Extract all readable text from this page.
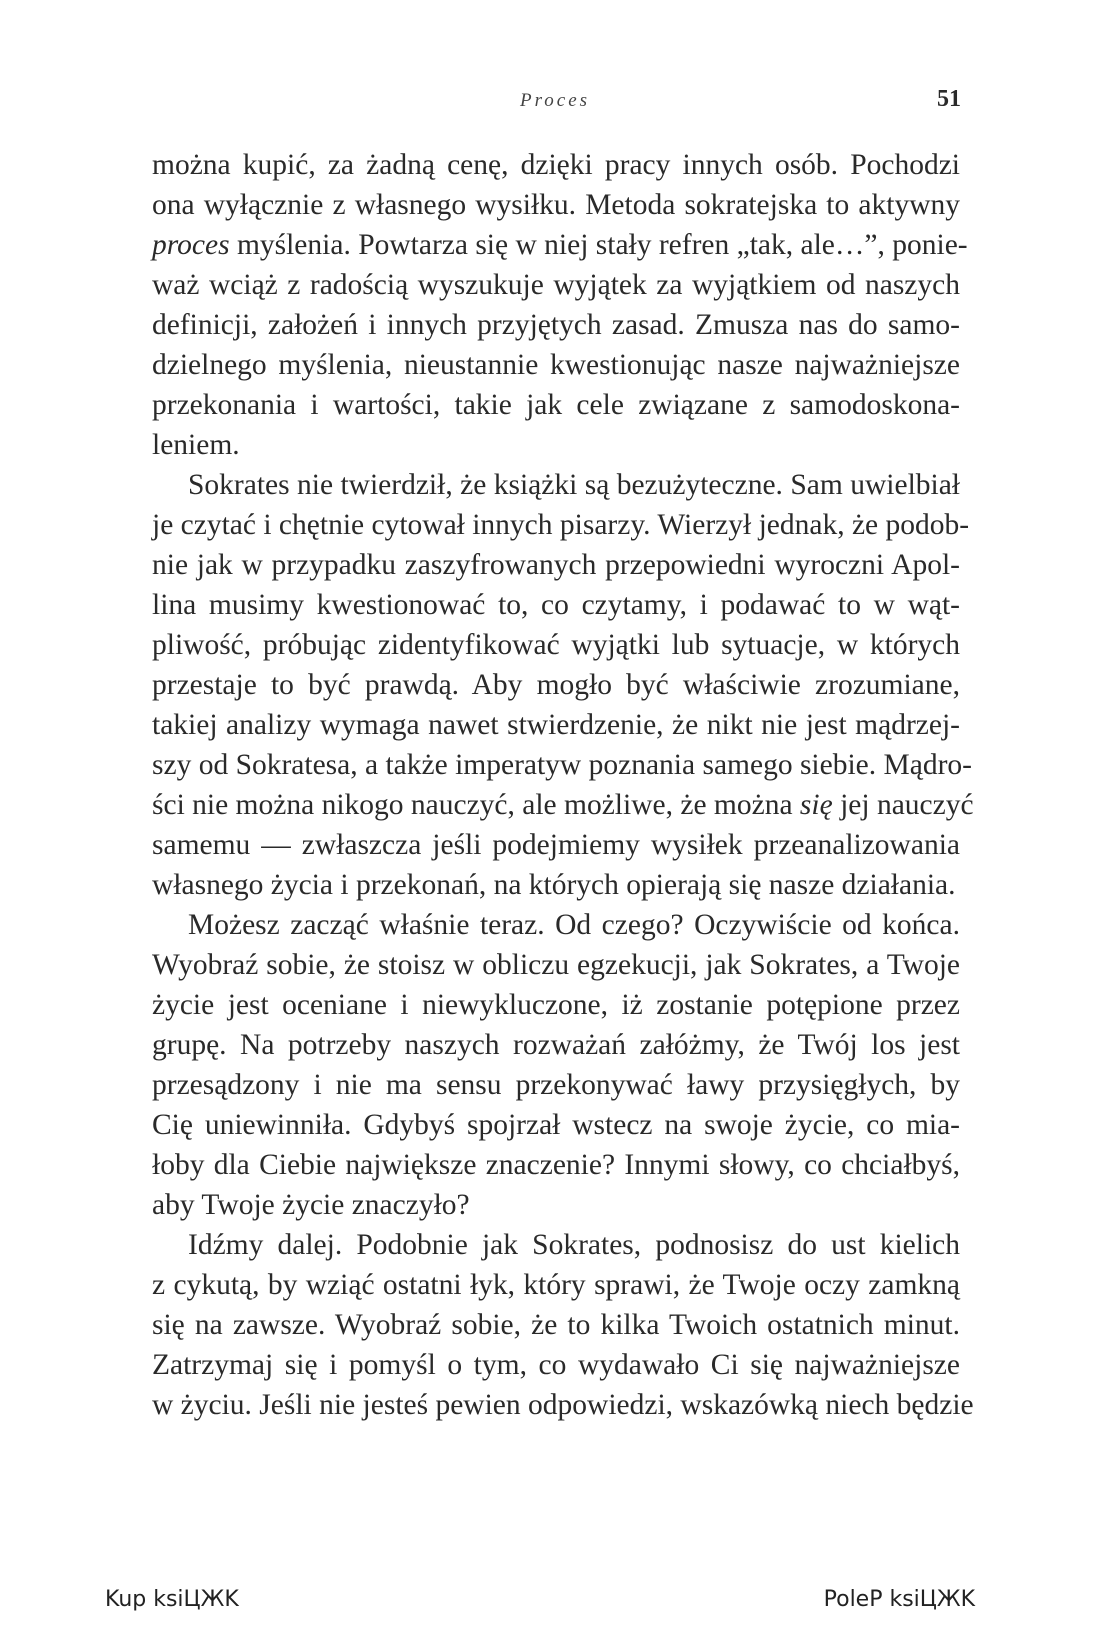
Proces	51
można kupić, za żadną cenę, dzięki pracy innych osób. Pochodzi
ona wyłącznie z własnego wysiłku. Metoda sokratejska to aktywny
proces myślenia. Powtarza się w niej stały refren „tak, ale…”, ponie-
waż wciąż z radością wyszukuje wyjątek za wyjątkiem od naszych
definicji, założeń i innych przyjętych zasad. Zmusza nas do samo-
dzielnego myślenia, nieustannie kwestionując nasze najważniejsze
przekonania i wartości, takie jak cele związane z samodoskona-
leniem.
Sokrates nie twierdził, że książki są bezużyteczne. Sam uwielbiał
je czytać i chętnie cytował innych pisarzy. Wierzył jednak, że podob-
nie jak w przypadku zaszyfrowanych przepowiedni wyroczni Apol-
lina musimy kwestionować to, co czytamy, i podawać to w wąt-
pliwość, próbując zidentyfikować wyjątki lub sytuacje, w których
przestaje to być prawdą. Aby mogło być właściwie zrozumiane,
takiej analizy wymaga nawet stwierdzenie, że nikt nie jest mądrzej-
szy od Sokratesa, a także imperatyw poznania samego siebie. Mądro-
ści nie można nikogo nauczyć, ale możliwe, że można się jej nauczyć
samemu — zwłaszcza jeśli podejmiemy wysiłek przeanalizowania
własnego życia i przekonań, na których opierają się nasze działania.
Możesz zacząć właśnie teraz. Od czego? Oczywiście od końca.
Wyobraź sobie, że stoisz w obliczu egzekucji, jak Sokrates, a Twoje
życie jest oceniane i niewykluczone, iż zostanie potępione przez
grupę. Na potrzeby naszych rozważań załóżmy, że Twój los jest
przesądzony i nie ma sensu przekonywać ławy przysięgłych, by
Cię uniewinniła. Gdybyś spojrzał wstecz na swoje życie, co mia-
łoby dla Ciebie największe znaczenie? Innymi słowy, co chciałbyś,
aby Twoje życie znaczyło?
Idźmy dalej. Podobnie jak Sokrates, podnosisz do ust kielich
z cykutą, by wziąć ostatni łyk, który sprawi, że Twoje oczy zamkną
się na zawsze. Wyobraź sobie, że to kilka Twoich ostatnich minut.
Zatrzymaj się i pomyśl o tym, co wydawało Ci się najważniejsze
w życiu. Jeśli nie jesteś pewien odpowiedzi, wskazówką niech będzie
Kup ksiЦЖK	PoleP ksiЦЖK
